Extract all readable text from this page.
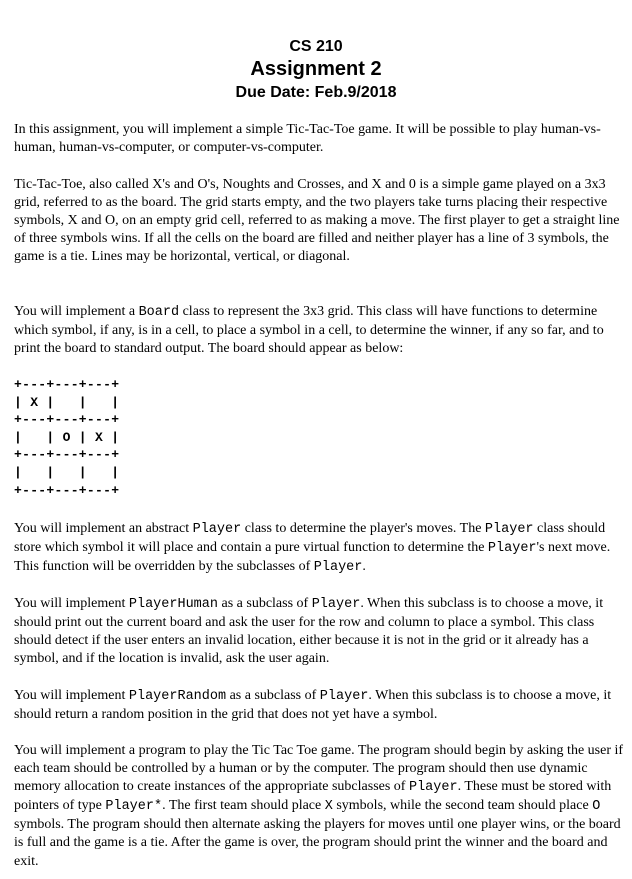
CS 210
Assignment 2
Due Date: Feb.9/2018

In this assignment, you will implement a simple Tic-Tac-Toe game. It will be possible to play human-vs-human, human-vs-computer, or computer-vs-computer.

Tic-Tac-Toe, also called X's and O's, Noughts and Crosses, and X and 0 is a simple game played on a 3x3 grid, referred to as the board. The grid starts empty, and the two players take turns placing their respective symbols, X and O, on an empty grid cell, referred to as making a move. The first player to get a straight line of three symbols wins. If all the cells on the board are filled and neither player has a line of 3 symbols, the game is a tie. Lines may be horizontal, vertical, or diagonal.

You will implement a Board class to represent the 3x3 grid. This class will have functions to determine which symbol, if any, is in a cell, to place a symbol in a cell, to determine the winner, if any so far, and to print the board to standard output. The board should appear as below:

+---+---+---+
| X |   |   |
+---+---+---+
|   | O | X |
+---+---+---+
|   |   |   |
+---+---+---+

You will implement an abstract Player class to determine the player's moves. The Player class should store which symbol it will place and contain a pure virtual function to determine the Player's next move. This function will be overridden by the subclasses of Player.

You will implement PlayerHuman as a subclass of Player. When this subclass is to choose a move, it should print out the current board and ask the user for the row and column to place a symbol. This class should detect if the user enters an invalid location, either because it is not in the grid or it already has a symbol, and if the location is invalid, ask the user again.

You will implement PlayerRandom as a subclass of Player. When this subclass is to choose a move, it should return a random position in the grid that does not yet have a symbol.

You will implement a program to play the Tic Tac Toe game. The program should begin by asking the user if each team should be controlled by a human or by the computer. The program should then use dynamic memory allocation to create instances of the appropriate subclasses of Player. These must be stored with pointers of type Player*. The first team should place X symbols, while the second team should place O symbols. The program should then alternate asking the players for moves until one player wins, or the board is full and the game is a tie. After the game is over, the program should print the winner and the board and exit.
